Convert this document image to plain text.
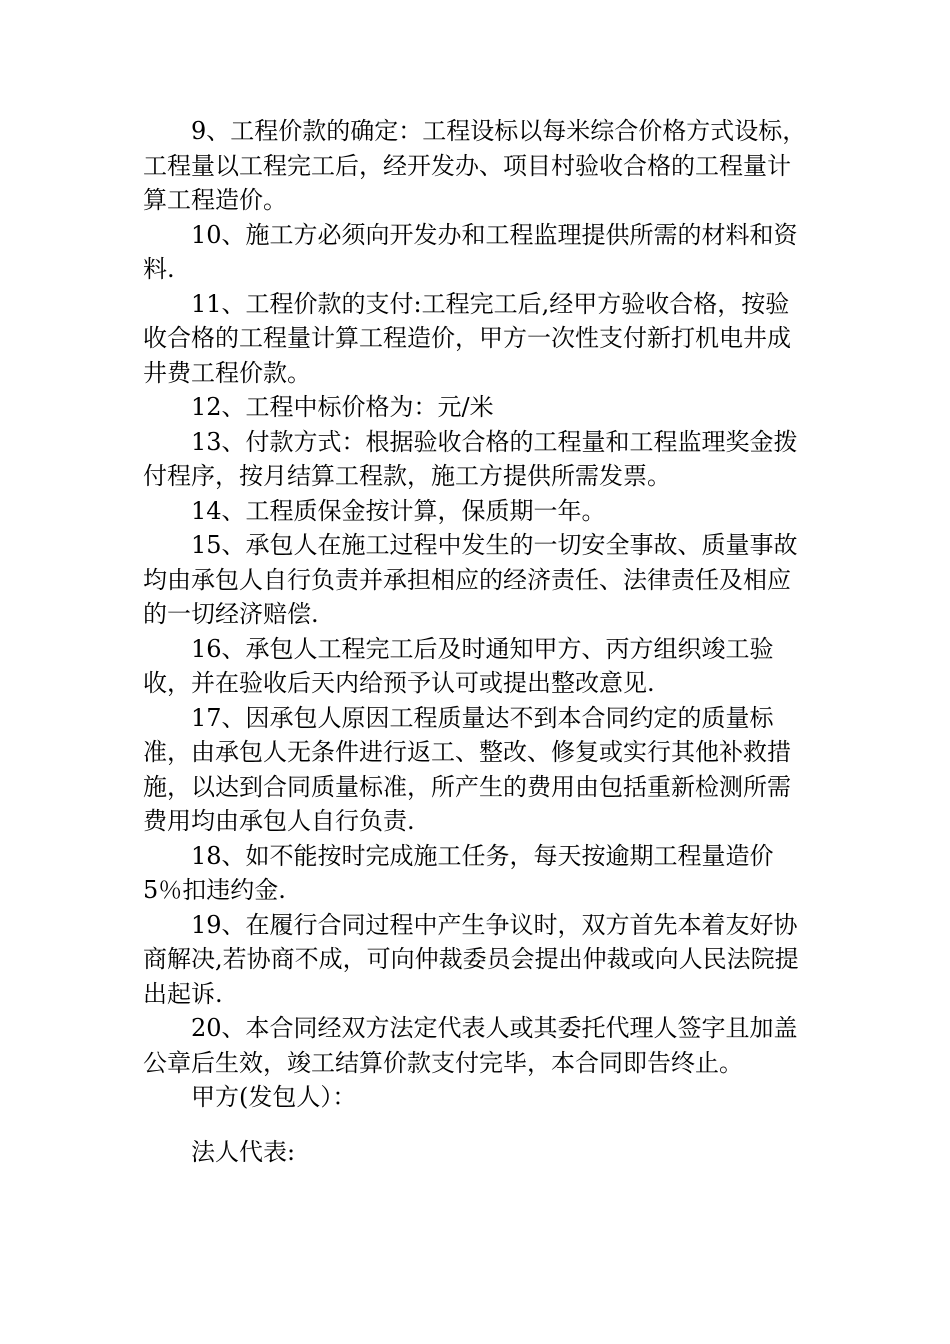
9、工程价款的确定：工程设标以每米综合价格方式设标，工程量以工程完工后，经开发办、项目村验收合格的工程量计算工程造价。

10、施工方必须向开发办和工程监理提供所需的材料和资料.

11、工程价款的支付:工程完工后,经甲方验收合格，按验收合格的工程量计算工程造价，甲方一次性支付新打机电井成井费工程价款。

12、工程中标价格为：元/米

13、付款方式：根据验收合格的工程量和工程监理奖金拨付程序，按月结算工程款，施工方提供所需发票。

14、工程质保金按计算，保质期一年。

15、承包人在施工过程中发生的一切安全事故、质量事故均由承包人自行负责并承担相应的经济责任、法律责任及相应的一切经济赔偿.

16、承包人工程完工后及时通知甲方、丙方组织竣工验收，并在验收后天内给预予认可或提出整改意见.

17、因承包人原因工程质量达不到本合同约定的质量标准，由承包人无条件进行返工、整改、修复或实行其他补救措施，以达到合同质量标准，所产生的费用由包括重新检测所需费用均由承包人自行负责.

18、如不能按时完成施工任务，每天按逾期工程量造价5％扣违约金.

19、在履行合同过程中产生争议时，双方首先本着友好协商解决,若协商不成，可向仲裁委员会提出仲裁或向人民法院提出起诉.

20、本合同经双方法定代表人或其委托代理人签字且加盖公章后生效，竣工结算价款支付完毕，本合同即告终止。

甲方(发包人）：

法人代表:
